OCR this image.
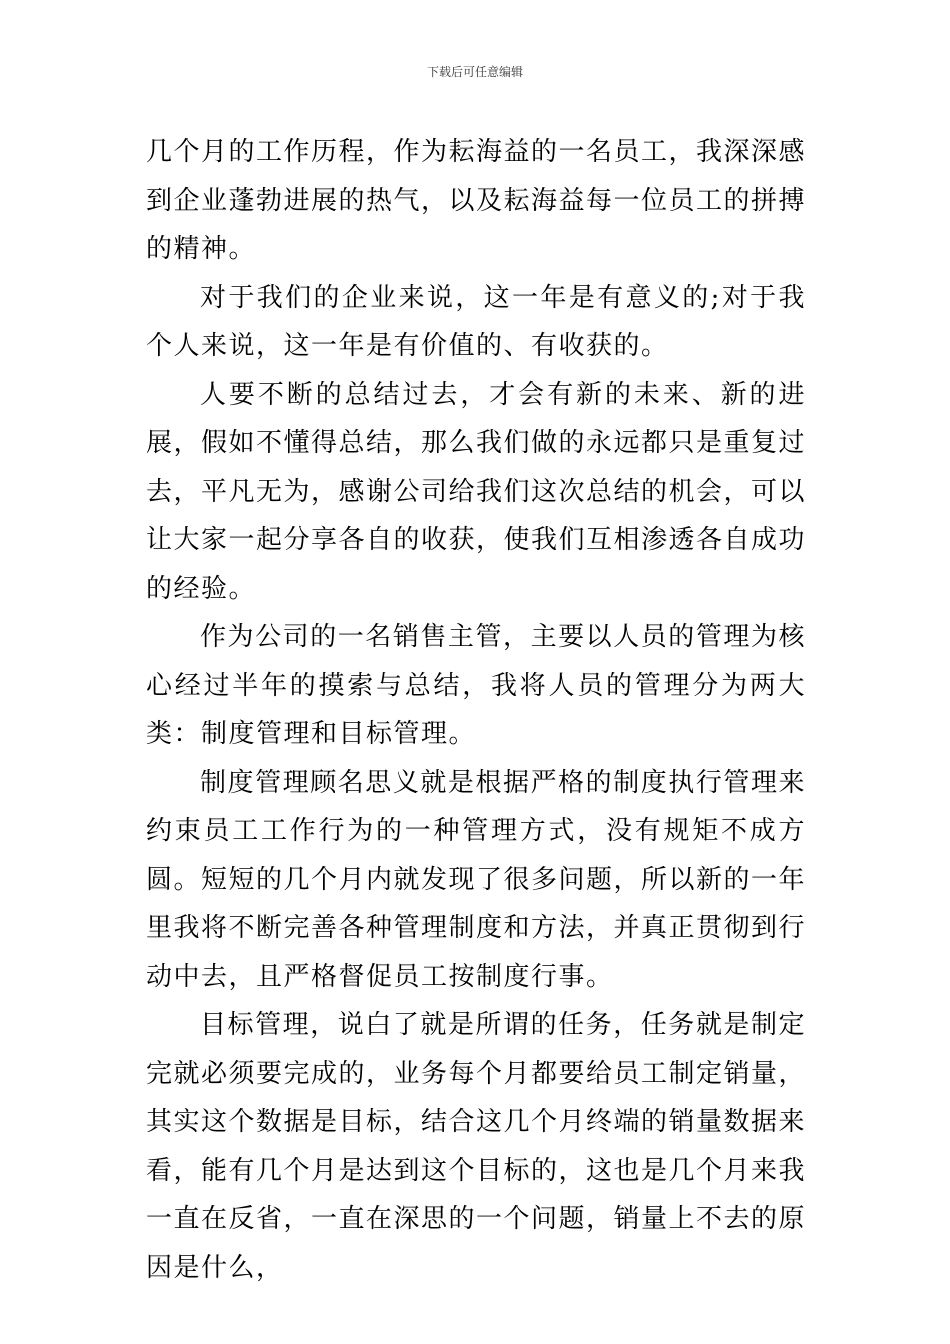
下载后可任意编辑

几个月的工作历程，作为耘海益的一名员工，我深深感到企业蓬勃进展的热气，以及耘海益每一位员工的拼搏的精神。

对于我们的企业来说，这一年是有意义的;对于我个人来说，这一年是有价值的、有收获的。

人要不断的总结过去，才会有新的未来、新的进展，假如不懂得总结，那么我们做的永远都只是重复过去，平凡无为，感谢公司给我们这次总结的机会，可以让大家一起分享各自的收获，使我们互相渗透各自成功的经验。

作为公司的一名销售主管，主要以人员的管理为核心经过半年的摸索与总结，我将人员的管理分为两大类：制度管理和目标管理。

制度管理顾名思义就是根据严格的制度执行管理来约束员工工作行为的一种管理方式，没有规矩不成方圆。短短的几个月内就发现了很多问题，所以新的一年里我将不断完善各种管理制度和方法，并真正贯彻到行动中去，且严格督促员工按制度行事。

目标管理，说白了就是所谓的任务，任务就是制定完就必须要完成的，业务每个月都要给员工制定销量，其实这个数据是目标，结合这几个月终端的销量数据来看，能有几个月是达到这个目标的，这也是几个月来我一直在反省，一直在深思的一个问题，销量上不去的原因是什么，
